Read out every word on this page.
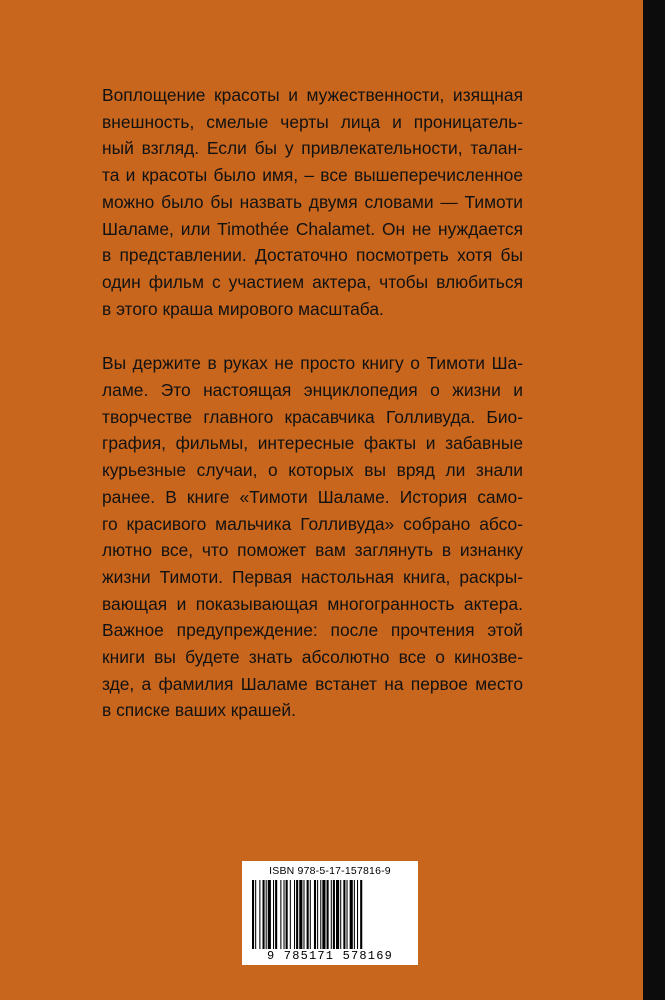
Воплощение красоты и мужественности, изящная
внешность, смелые черты лица и проницатель-
ный взгляд. Если бы у привлекательности, талан-
та и красоты было имя, – все вышеперечисленное
можно было бы назвать двумя словами — Тимоти
Шаламе, или Timothée Chalamet. Он не нуждается
в представлении. Достаточно посмотреть хотя бы
один фильм с участием актера, чтобы влюбиться
в этого краша мирового масштаба.

Вы держите в руках не просто книгу о Тимоти Ша-
ламе. Это настоящая энциклопедия о жизни и
творчестве главного красавчика Голливуда. Био-
графия, фильмы, интересные факты и забавные
курьезные случаи, о которых вы вряд ли знали
ранее. В книге «Тимоти Шаламе. История само-
го красивого мальчика Голливуда» собрано абсо-
лютно все, что поможет вам заглянуть в изнанку
жизни Тимоти. Первая настольная книга, раскры-
вающая и показывающая многогранность актера.
Важное предупреждение: после прочтения этой
книги вы будете знать абсолютно все о кинозве-
зде, а фамилия Шаламе встанет на первое место
в списке ваших крашей.

ISBN 978-5-17-157816-9
9 785171 578169
